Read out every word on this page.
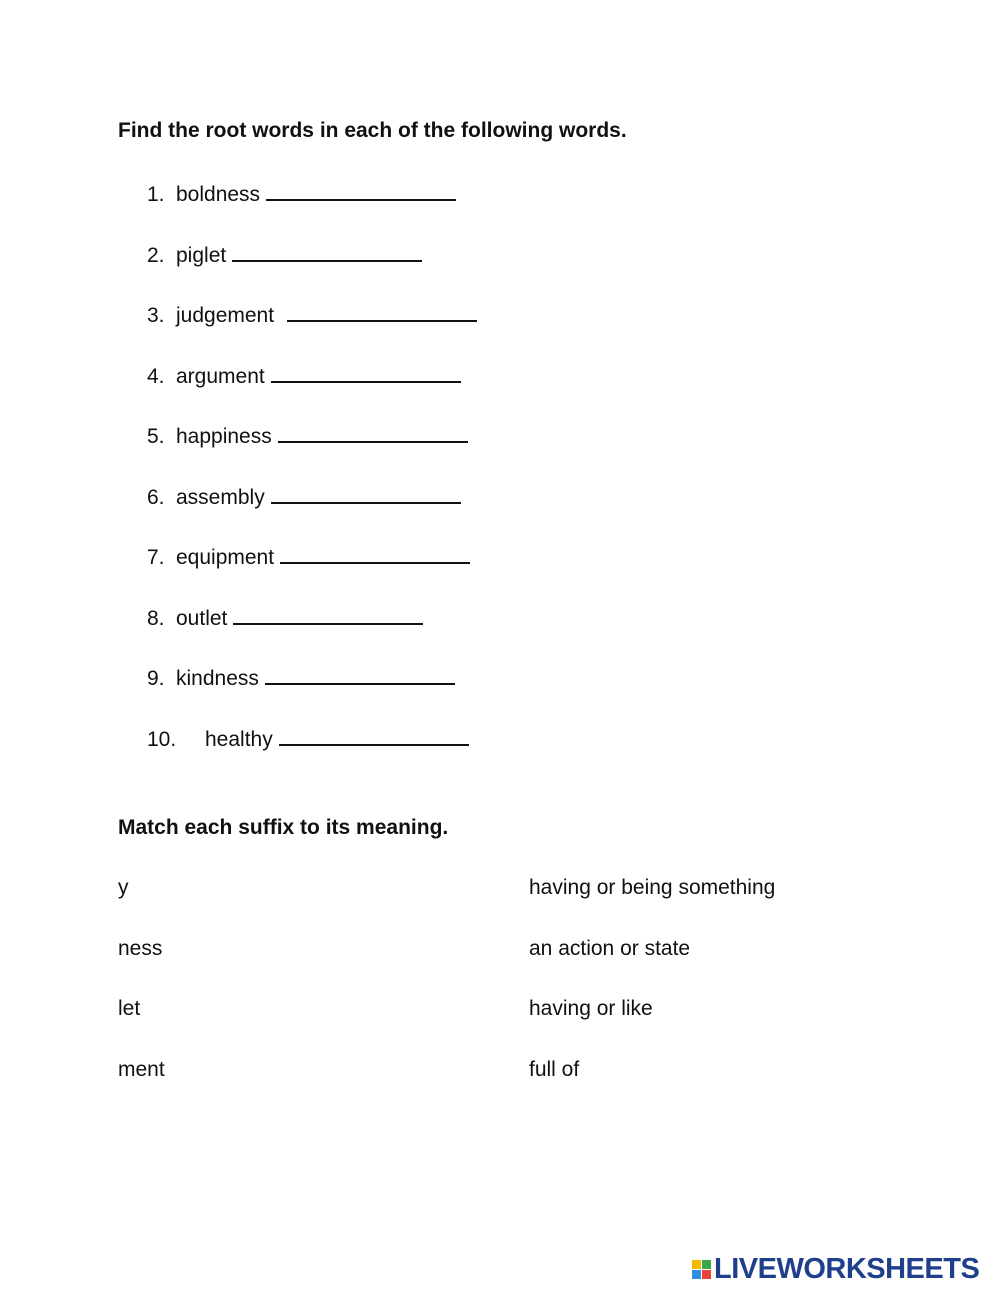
Find the root words in each of the following words.
1. boldness
2. piglet
3. judgement
4. argument
5. happiness
6. assembly
7. equipment
8. outlet
9. kindness
10. healthy
Match each suffix to its meaning.
y	having or being something
ness	an action or state
let	having or like
ment	full of
LIVEWORKSHEETS
